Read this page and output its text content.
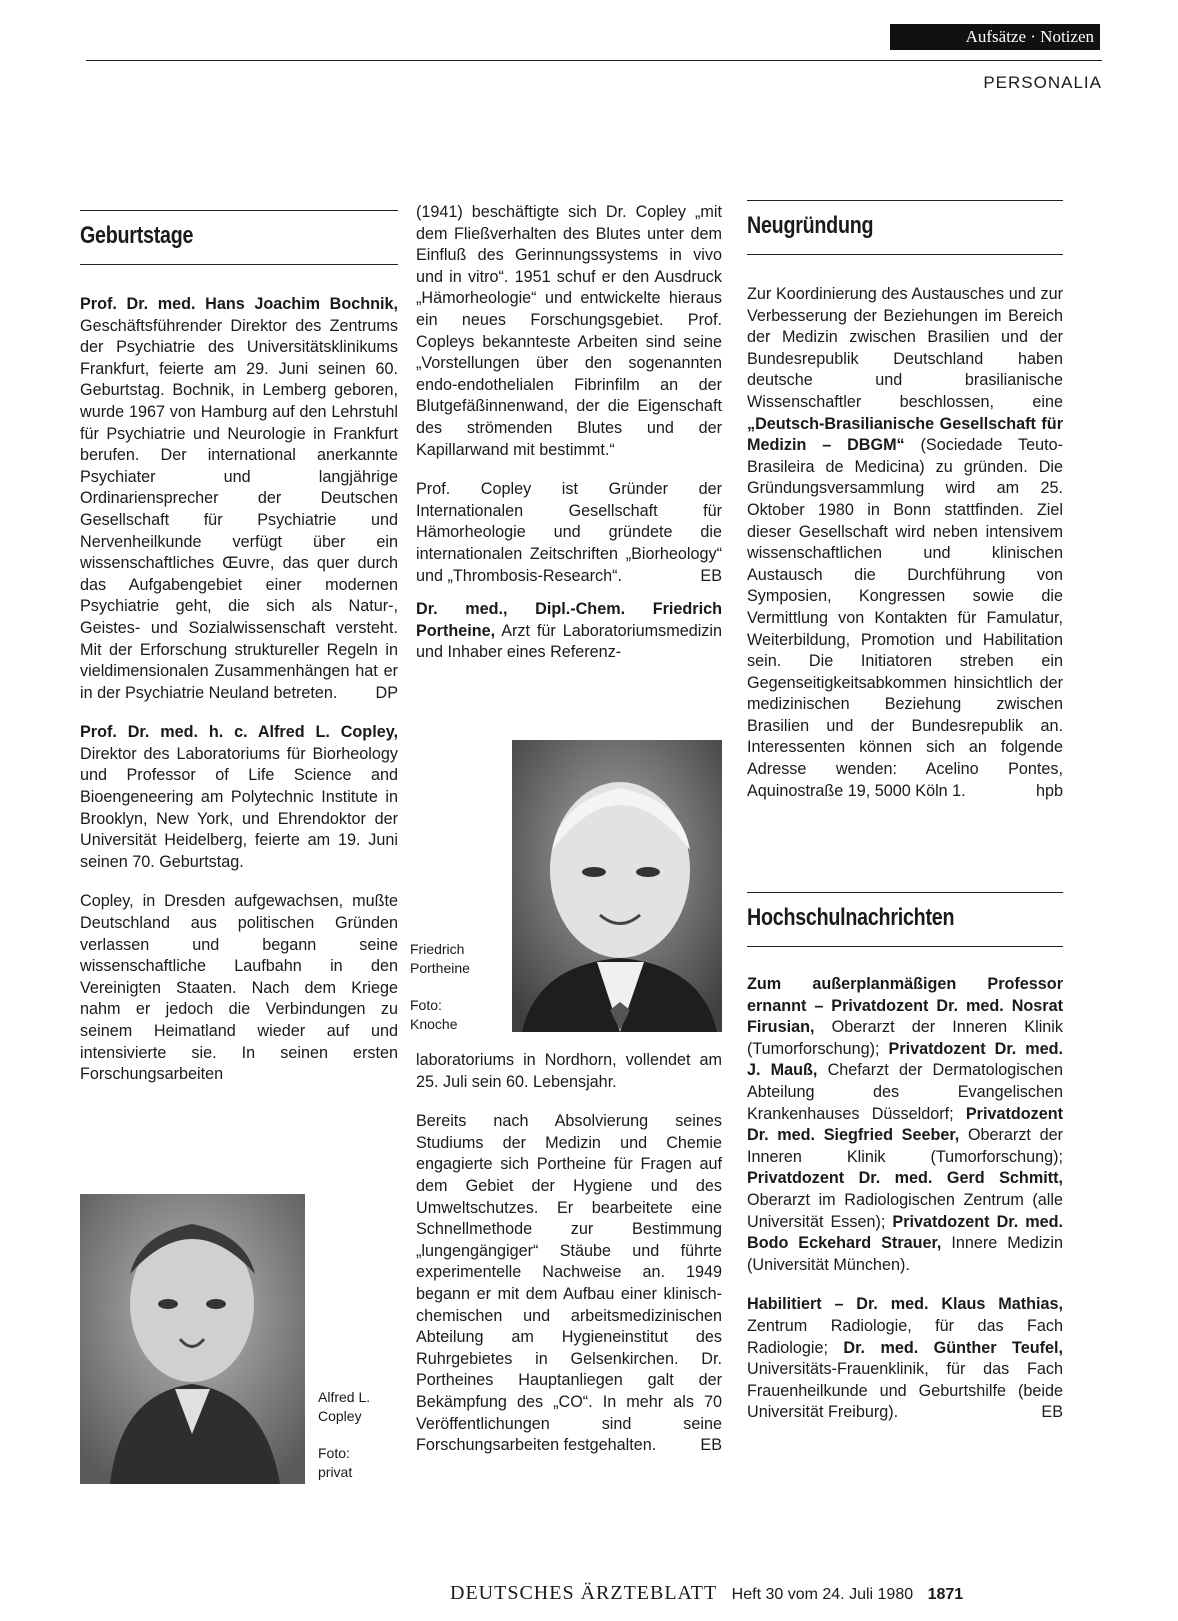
Aufsätze · Notizen
PERSONALIA
Geburtstage

Prof. Dr. med. Hans Joachim Bochnik, Geschäftsführender Direktor des Zentrums der Psychiatrie des Universitätsklinikums Frankfurt, feierte am 29. Juni seinen 60. Geburtstag. Bochnik, in Lemberg geboren, wurde 1967 von Hamburg auf den Lehrstuhl für Psychiatrie und Neurologie in Frankfurt berufen. Der international anerkannte Psychiater und langjährige Ordinariensprecher der Deutschen Gesellschaft für Psychiatrie und Nervenheilkunde verfügt über ein wissenschaftliches Œuvre, das quer durch das Aufgabengebiet einer modernen Psychiatrie geht, die sich als Natur-, Geistes- und Sozialwissenschaft versteht. Mit der Erforschung struktureller Regeln in vieldimensionalen Zusammenhängen hat er in der Psychiatrie Neuland betreten. DP

Prof. Dr. med. h. c. Alfred L. Copley, Direktor des Laboratoriums für Biorheology und Professor of Life Science and Bioengeneering am Polytechnic Institute in Brooklyn, New York, und Ehrendoktor der Universität Heidelberg, feierte am 19. Juni seinen 70. Geburtstag.

Copley, in Dresden aufgewachsen, mußte Deutschland aus politischen Gründen verlassen und begann seine wissenschaftliche Laufbahn in den Vereinigten Staaten. Nach dem Kriege nahm er jedoch die Verbindungen zu seinem Heimatland wieder auf und intensivierte sie. In seinen ersten Forschungsarbeiten

Alfred L.
Copley
Foto:
privat

(1941) beschäftigte sich Dr. Copley „mit dem Fließverhalten des Blutes unter dem Einfluß des Gerinnungssystems in vivo und in vitro“. 1951 schuf er den Ausdruck „Hämorheologie“ und entwickelte hieraus ein neues Forschungsgebiet. Prof. Copleys bekannteste Arbeiten sind seine „Vorstellungen über den sogenannten endo-endothelialen Fibrinfilm an der Blutgefäßinnenwand, der die Eigenschaft des strömenden Blutes und der Kapillarwand mit bestimmt.“

Prof. Copley ist Gründer der Internationalen Gesellschaft für Hämorheologie und gründete die internationalen Zeitschriften „Biorheology“ und „Thrombosis-Research“.	EB

Dr. med., Dipl.-Chem. Friedrich Portheine, Arzt für Laboratoriumsmedizin und Inhaber eines Referenz-

Friedrich
Portheine
Foto:
Knoche

laboratoriums in Nordhorn, vollendet am 25. Juli sein 60. Lebensjahr.

Bereits nach Absolvierung seines Studiums der Medizin und Chemie engagierte sich Portheine für Fragen auf dem Gebiet der Hygiene und des Umweltschutzes. Er bearbeitete eine Schnellmethode zur Bestimmung „lungengängiger“ Stäube und führte experimentelle Nachweise an. 1949 begann er mit dem Aufbau einer klinisch-chemischen und arbeitsmedizinischen Abteilung am Hygieneinstitut des Ruhrgebietes in Gelsenkirchen. Dr. Portheines Hauptanliegen galt der Bekämpfung des „CO“. In mehr als 70 Veröffentlichungen sind seine Forschungsarbeiten festgehalten.	EB

Neugründung

Zur Koordinierung des Austausches und zur Verbesserung der Beziehungen im Bereich der Medizin zwischen Brasilien und der Bundesrepublik Deutschland haben deutsche und brasilianische Wissenschaftler beschlossen, eine „Deutsch-Brasilianische Gesellschaft für Medizin – DBGM“ (Sociedade Teuto-Brasileira de Medicina) zu gründen. Die Gründungsversammlung wird am 25. Oktober 1980 in Bonn stattfinden. Ziel dieser Gesellschaft wird neben intensivem wissenschaftlichen und klinischen Austausch die Durchführung von Symposien, Kongressen sowie die Vermittlung von Kontakten für Famulatur, Weiterbildung, Promotion und Habilitation sein. Die Initiatoren streben ein Gegenseitigkeitsabkommen hinsichtlich der medizinischen Beziehung zwischen Brasilien und der Bundesrepublik an. Interessenten können sich an folgende Adresse wenden: Acelino Pontes, Aquinostraße 19, 5000 Köln 1.	hpb

Hochschulnachrichten

Zum außerplanmäßigen Professor ernannt – Privatdozent Dr. med. Nosrat Firusian, Oberarzt der Inneren Klinik (Tumorforschung); Privatdozent Dr. med. J. Mauß, Chefarzt der Dermatologischen Abteilung des Evangelischen Krankenhauses Düsseldorf; Privatdozent Dr. med. Siegfried Seeber, Oberarzt der Inneren Klinik (Tumorforschung); Privatdozent Dr. med. Gerd Schmitt, Oberarzt im Radiologischen Zentrum (alle Universität Essen); Privatdozent Dr. med. Bodo Eckehard Strauer, Innere Medizin (Universität München).

Habilitiert – Dr. med. Klaus Mathias, Zentrum Radiologie, für das Fach Radiologie; Dr. med. Günther Teufel, Universitäts-Frauenklinik, für das Fach Frauenheilkunde und Geburtshilfe (beide Universität Freiburg).	EB

DEUTSCHES ÄRZTEBLATT Heft 30 vom 24. Juli 1980 1871
